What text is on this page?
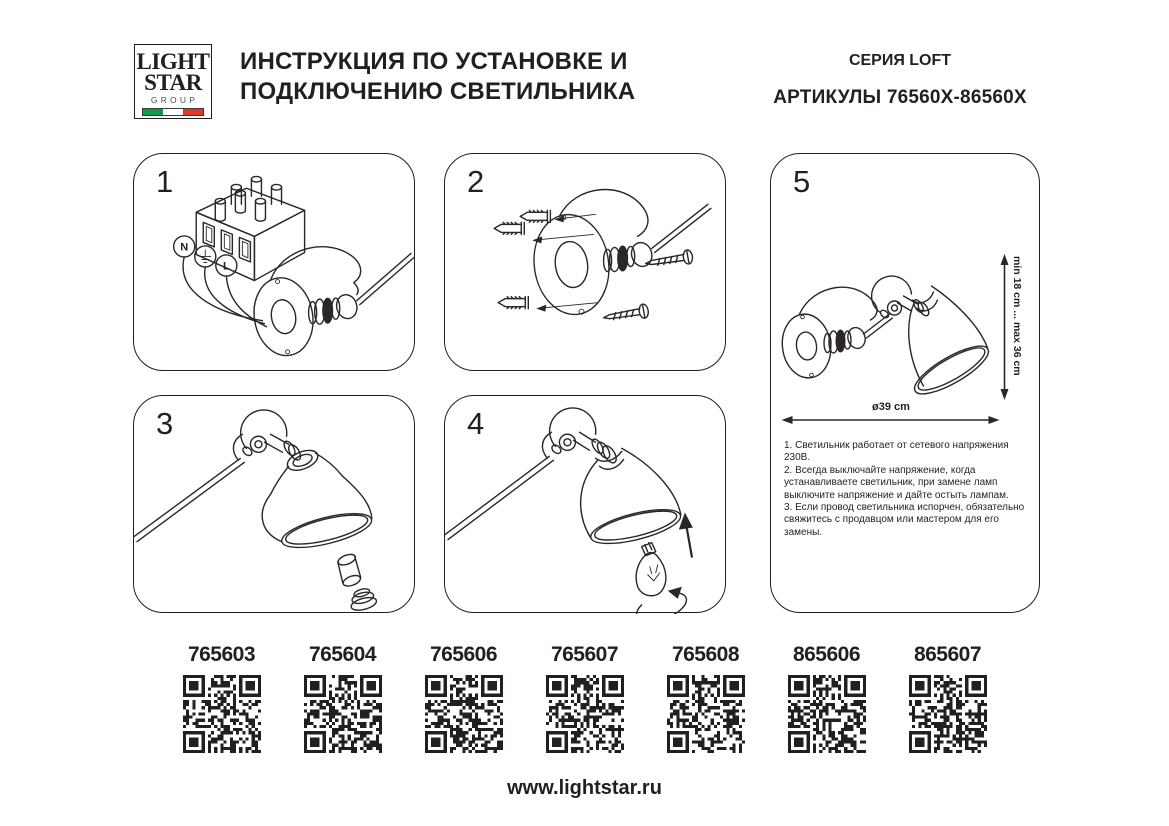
LIGHT
STAR
GROUP
ИНСТРУКЦИЯ ПО УСТАНОВКЕ И
ПОДКЛЮЧЕНИЮ СВЕТИЛЬНИКА
СЕРИЯ LOFT
АРТИКУЛЫ 76560X-86560X
1
N
L
2
3	4
5
min 18 cm ... max 36 cm
ø39 cm
1. Светильник работает от сетевого напряжения 230В.
2. Всегда выключайте напряжение, когда устанавливаете светильник, при замене ламп выключите напряжение и дайте остыть лампам.
3. Если провод светильника испорчен, обязательно свяжитесь с продавцом или мастером для его замены.
765603	765604	765606	765607	765608	865606	865607
www.lightstar.ru
